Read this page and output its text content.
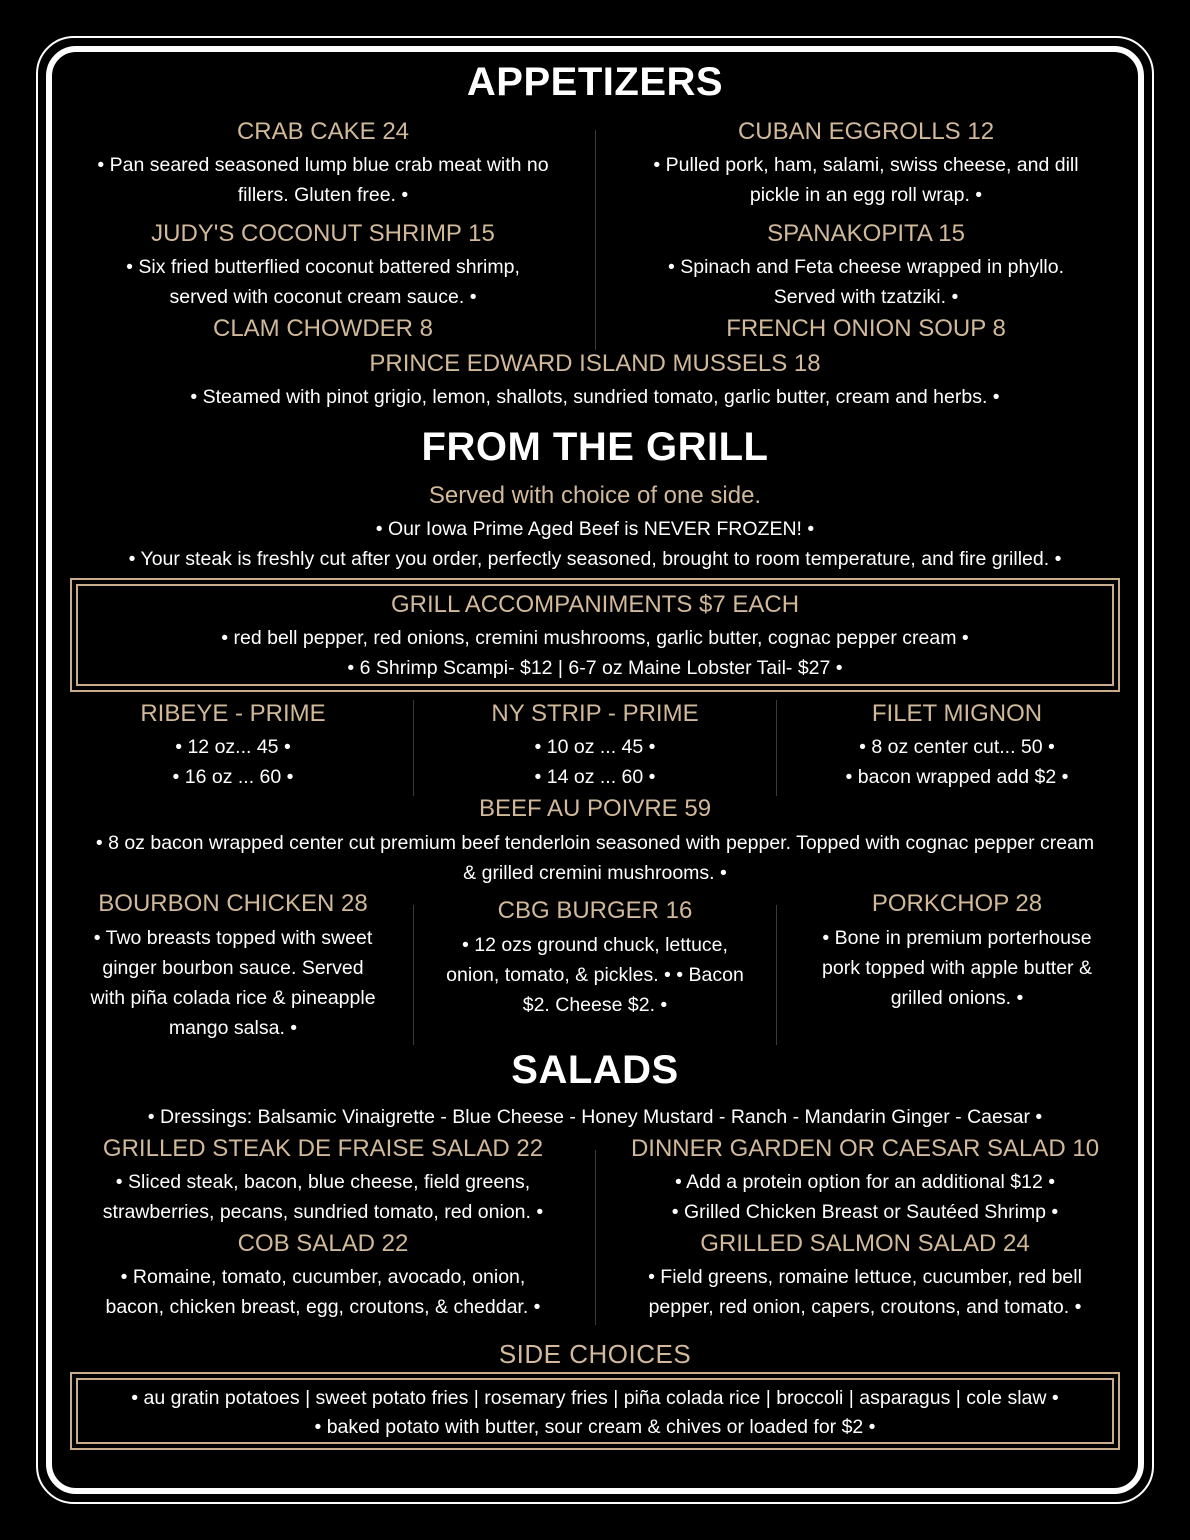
APPETIZERS
CRAB CAKE 24
• Pan seared seasoned lump blue crab meat with no fillers. Gluten free. •
CUBAN EGGROLLS 12
• Pulled pork, ham, salami, swiss cheese, and dill pickle in an egg roll wrap. •
JUDY'S COCONUT SHRIMP 15
• Six fried butterflied coconut battered shrimp, served with coconut cream sauce. •
SPANAKOPITA 15
• Spinach and Feta cheese wrapped in phyllo. Served with tzatziki. •
CLAM CHOWDER 8	FRENCH ONION SOUP 8
PRINCE EDWARD ISLAND MUSSELS 18
• Steamed with pinot grigio, lemon, shallots, sundried tomato, garlic butter, cream and herbs. •
FROM THE GRILL
Served with choice of one side.
• Our Iowa Prime Aged Beef is NEVER FROZEN! •
• Your steak is freshly cut after you order, perfectly seasoned, brought to room temperature, and fire grilled. •
GRILL ACCOMPANIMENTS $7 EACH
• red bell pepper, red onions, cremini mushrooms, garlic butter, cognac pepper cream •
• 6 Shrimp Scampi- $12 | 6-7 oz Maine Lobster Tail- $27 •
RIBEYE - PRIME
• 12 oz... 45 •
• 16 oz ... 60 •
NY STRIP - PRIME
• 10 oz ... 45 •
• 14 oz ... 60 •
FILET MIGNON
• 8 oz center cut... 50 •
• bacon wrapped add $2 •
BEEF AU POIVRE 59
• 8 oz bacon wrapped center cut premium beef tenderloin seasoned with pepper. Topped with cognac pepper cream & grilled cremini mushrooms. •
BOURBON CHICKEN 28
• Two breasts topped with sweet ginger bourbon sauce. Served with piña colada rice & pineapple mango salsa. •
CBG BURGER 16
• 12 ozs ground chuck, lettuce, onion, tomato, & pickles. • • Bacon $2. Cheese $2. •
PORKCHOP 28
• Bone in premium porterhouse pork topped with apple butter & grilled onions. •
SALADS
• Dressings: Balsamic Vinaigrette - Blue Cheese - Honey Mustard - Ranch - Mandarin Ginger - Caesar •
GRILLED STEAK DE FRAISE SALAD 22
• Sliced steak, bacon, blue cheese, field greens, strawberries, pecans, sundried tomato, red onion. •
DINNER GARDEN OR CAESAR SALAD 10
• Add a protein option for an additional $12 •
• Grilled Chicken Breast or Sautéed Shrimp •
COB SALAD 22
• Romaine, tomato, cucumber, avocado, onion, bacon, chicken breast, egg, croutons, & cheddar. •
GRILLED SALMON SALAD 24
• Field greens, romaine lettuce, cucumber, red bell pepper, red onion, capers, croutons, and tomato. •
SIDE CHOICES
• au gratin potatoes | sweet potato fries | rosemary fries | piña colada rice | broccoli | asparagus | cole slaw •
• baked potato with butter, sour cream & chives or loaded for $2 •
